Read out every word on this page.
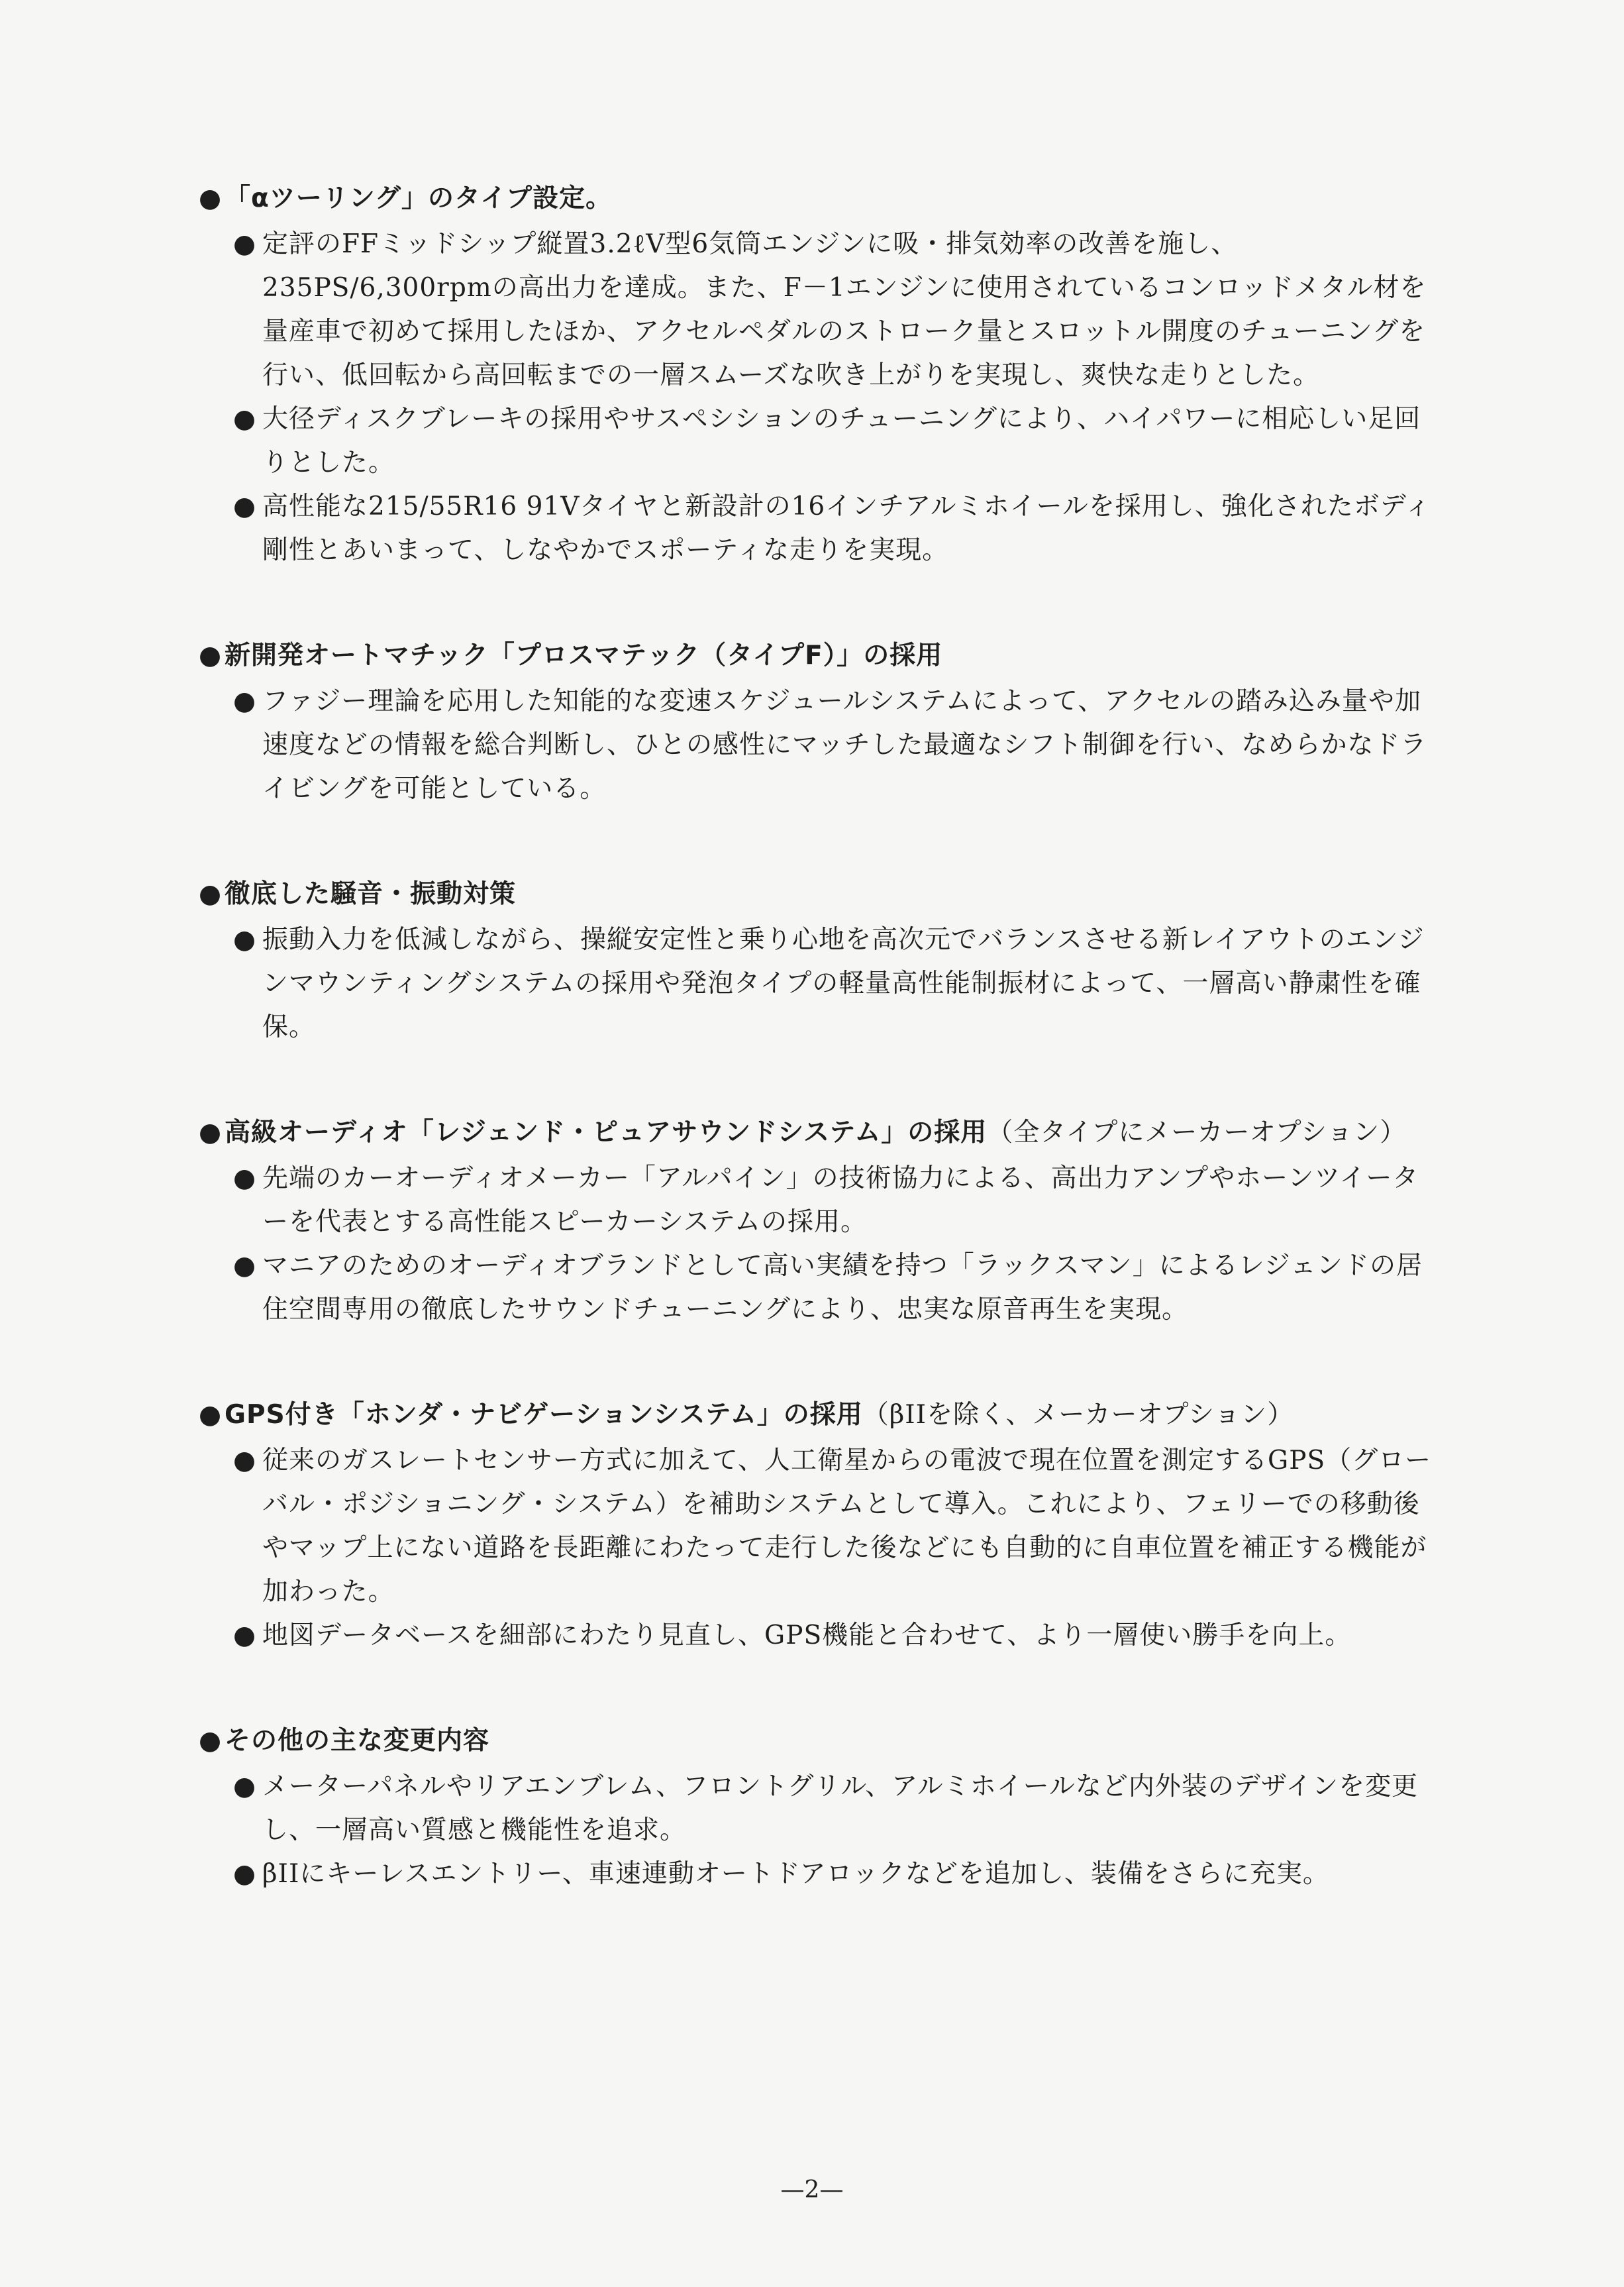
● 「αツーリング」のタイプ設定。
● 定評のFFミッドシップ縦置3.2ℓV型6気筒エンジンに吸・排気効率の改善を施し、235PS/6,300rpmの高出力を達成。また、F－1エンジンに使用されているコンロッドメタル材を量産車で初めて採用したほか、アクセルペダルのストローク量とスロットル開度のチューニングを行い、低回転から高回転までの一層スムーズな吹き上がりを実現し、爽快な走りとした。
● 大径ディスクブレーキの採用やサスペシションのチューニングにより、ハイパワーに相応しい足回りとした。
● 高性能な215/55R16 91Vタイヤと新設計の16インチアルミホイールを採用し、強化されたボディ剛性とあいまって、しなやかでスポーティな走りを実現。
● 新開発オートマチック「プロスマテック（タイプF）」の採用
● ファジー理論を応用した知能的な変速スケジュールシステムによって、アクセルの踏み込み量や加速度などの情報を総合判断し、ひとの感性にマッチした最適なシフト制御を行い、なめらかなドライビングを可能としている。
● 徹底した騒音・振動対策
● 振動入力を低減しながら、操縦安定性と乗り心地を高次元でバランスさせる新レイアウトのエンジンマウンティングシステムの採用や発泡タイプの軽量高性能制振材によって、一層高い静粛性を確保。
● 高級オーディオ「レジェンド・ピュアサウンドシステム」の採用（全タイプにメーカーオプション）
● 先端のカーオーディオメーカー「アルパイン」の技術協力による、高出力アンプやホーンツイーターを代表とする高性能スピーカーシステムの採用。
● マニアのためのオーディオブランドとして高い実績を持つ「ラックスマン」によるレジェンドの居住空間専用の徹底したサウンドチューニングにより、忠実な原音再生を実現。
● GPS付き「ホンダ・ナビゲーションシステム」の採用（βIIを除く、メーカーオプション）
● 従来のガスレートセンサー方式に加えて、人工衛星からの電波で現在位置を測定するGPS（グローバル・ポジショニング・システム）を補助システムとして導入。これにより、フェリーでの移動後やマップ上にない道路を長距離にわたって走行した後などにも自動的に自車位置を補正する機能が加わった。
● 地図データベースを細部にわたり見直し、GPS機能と合わせて、より一層使い勝手を向上。
● その他の主な変更内容
● メーターパネルやリアエンブレム、フロントグリル、アルミホイールなど内外装のデザインを変更し、一層高い質感と機能性を追求。
● βIIにキーレスエントリー、車速連動オートドアロックなどを追加し、装備をさらに充実。
—2—
